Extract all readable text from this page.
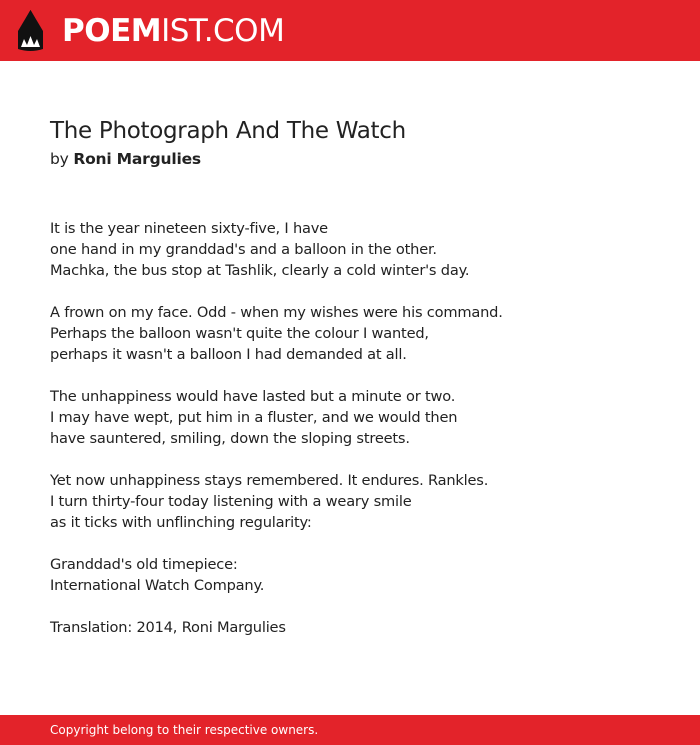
POEMIST.COM
The Photograph And The Watch
by Roni Margulies
It is the year nineteen sixty-five, I have
one hand in my granddad's and a balloon in the other.
Machka, the bus stop at Tashlik, clearly a cold winter's day.
A frown on my face. Odd - when my wishes were his command.
Perhaps the balloon wasn't quite the colour I wanted,
perhaps it wasn't a balloon I had demanded at all.
The unhappiness would have lasted but a minute or two.
I may have wept, put him in a fluster, and we would then
have sauntered, smiling, down the sloping streets.
Yet now unhappiness stays remembered. It endures. Rankles.
I turn thirty-four today listening with a weary smile
as it ticks with unflinching regularity:
Granddad's old timepiece:
International Watch Company.
Translation: 2014, Roni Margulies
Copyright belong to their respective owners.
